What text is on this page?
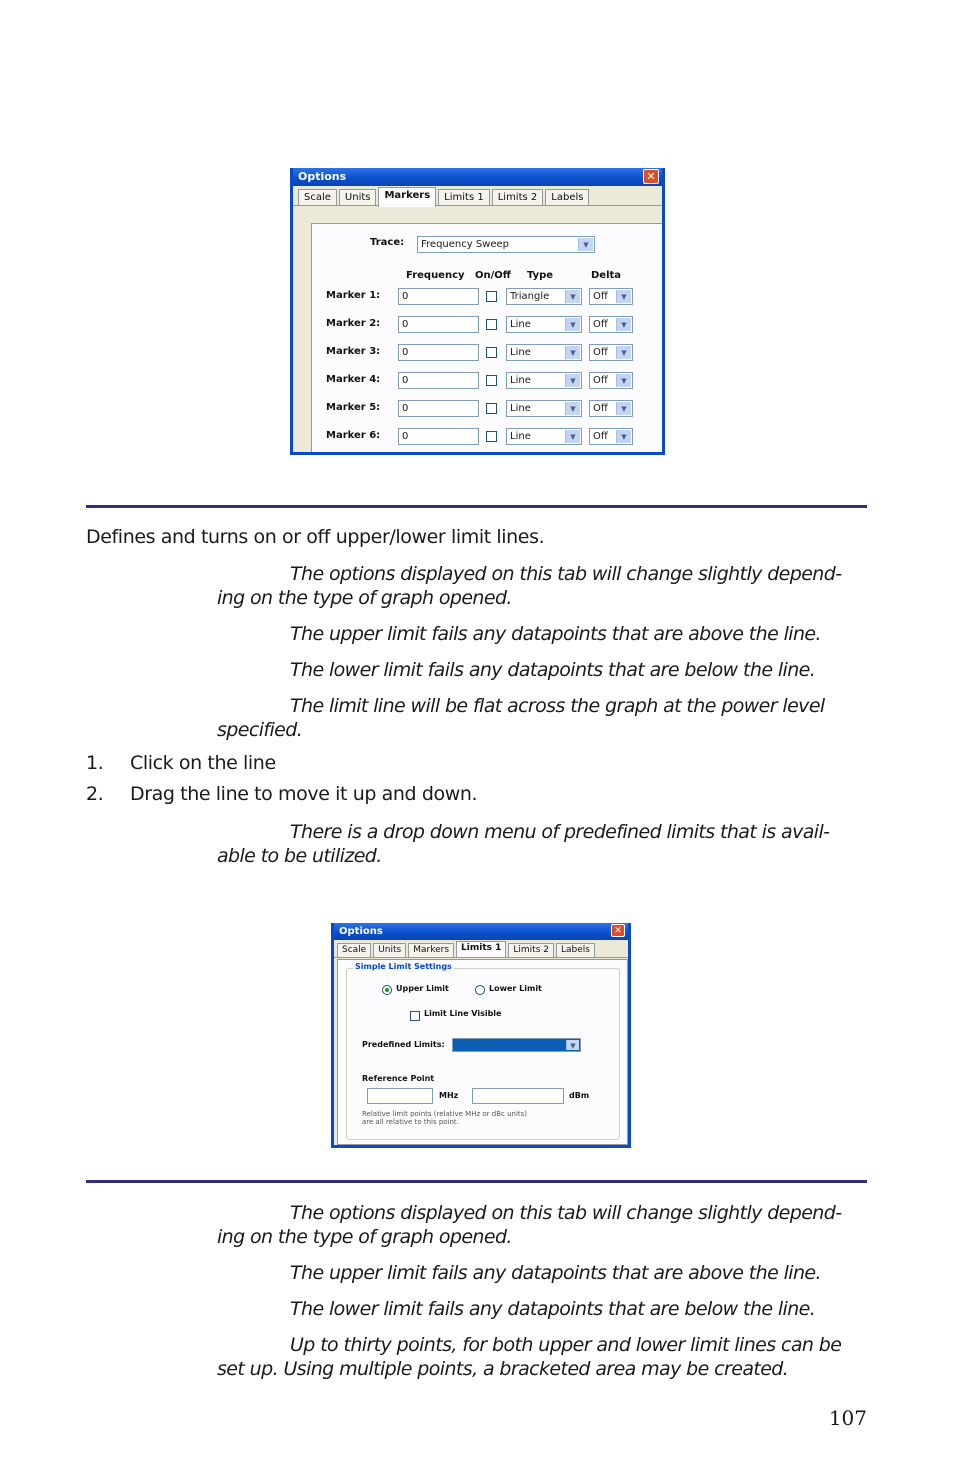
Options	✕
Scale	Units	Markers	Limits 1	Limits 2	Labels
Trace:	Frequency Sweep	▼
Frequency On/Off Type	Delta
Marker 1:	0	Triangle	▼	Off	▼
Marker 2:	0	Line	▼	Off	▼
Marker 3:	0	Line	▼	Off	▼
Marker 4:	0	Line	▼	Off	▼
Marker 5:	0	Line	▼	Off	▼
Marker 6:	0	Line	▼	Off	▼
Defines and turns on or off upper/lower limit lines.
The options displayed on this tab will change slightly depend-
ing on the type of graph opened.
The upper limit fails any datapoints that are above the line.
The lower limit fails any datapoints that are below the line.
The limit line will be flat across the graph at the power level
specified.
1. Click on the line
2. Drag the line to move it up and down.
There is a drop down menu of predefined limits that is avail-
able to be utilized.
Options	✕
Scale	Units	Markers	Limits 1	Limits 2	Labels
Simple Limit Settings
Upper Limit	Lower Limit
Limit Line Visible
Predefined Limits:	▼
Reference Point
MHz	dBm
Relative limit points (relative MHz or dBc units)
are all relative to this point.
The options displayed on this tab will change slightly depend-
ing on the type of graph opened.
The upper limit fails any datapoints that are above the line.
The lower limit fails any datapoints that are below the line.
Up to thirty points, for both upper and lower limit lines can be
set up. Using multiple points, a bracketed area may be created.
107
